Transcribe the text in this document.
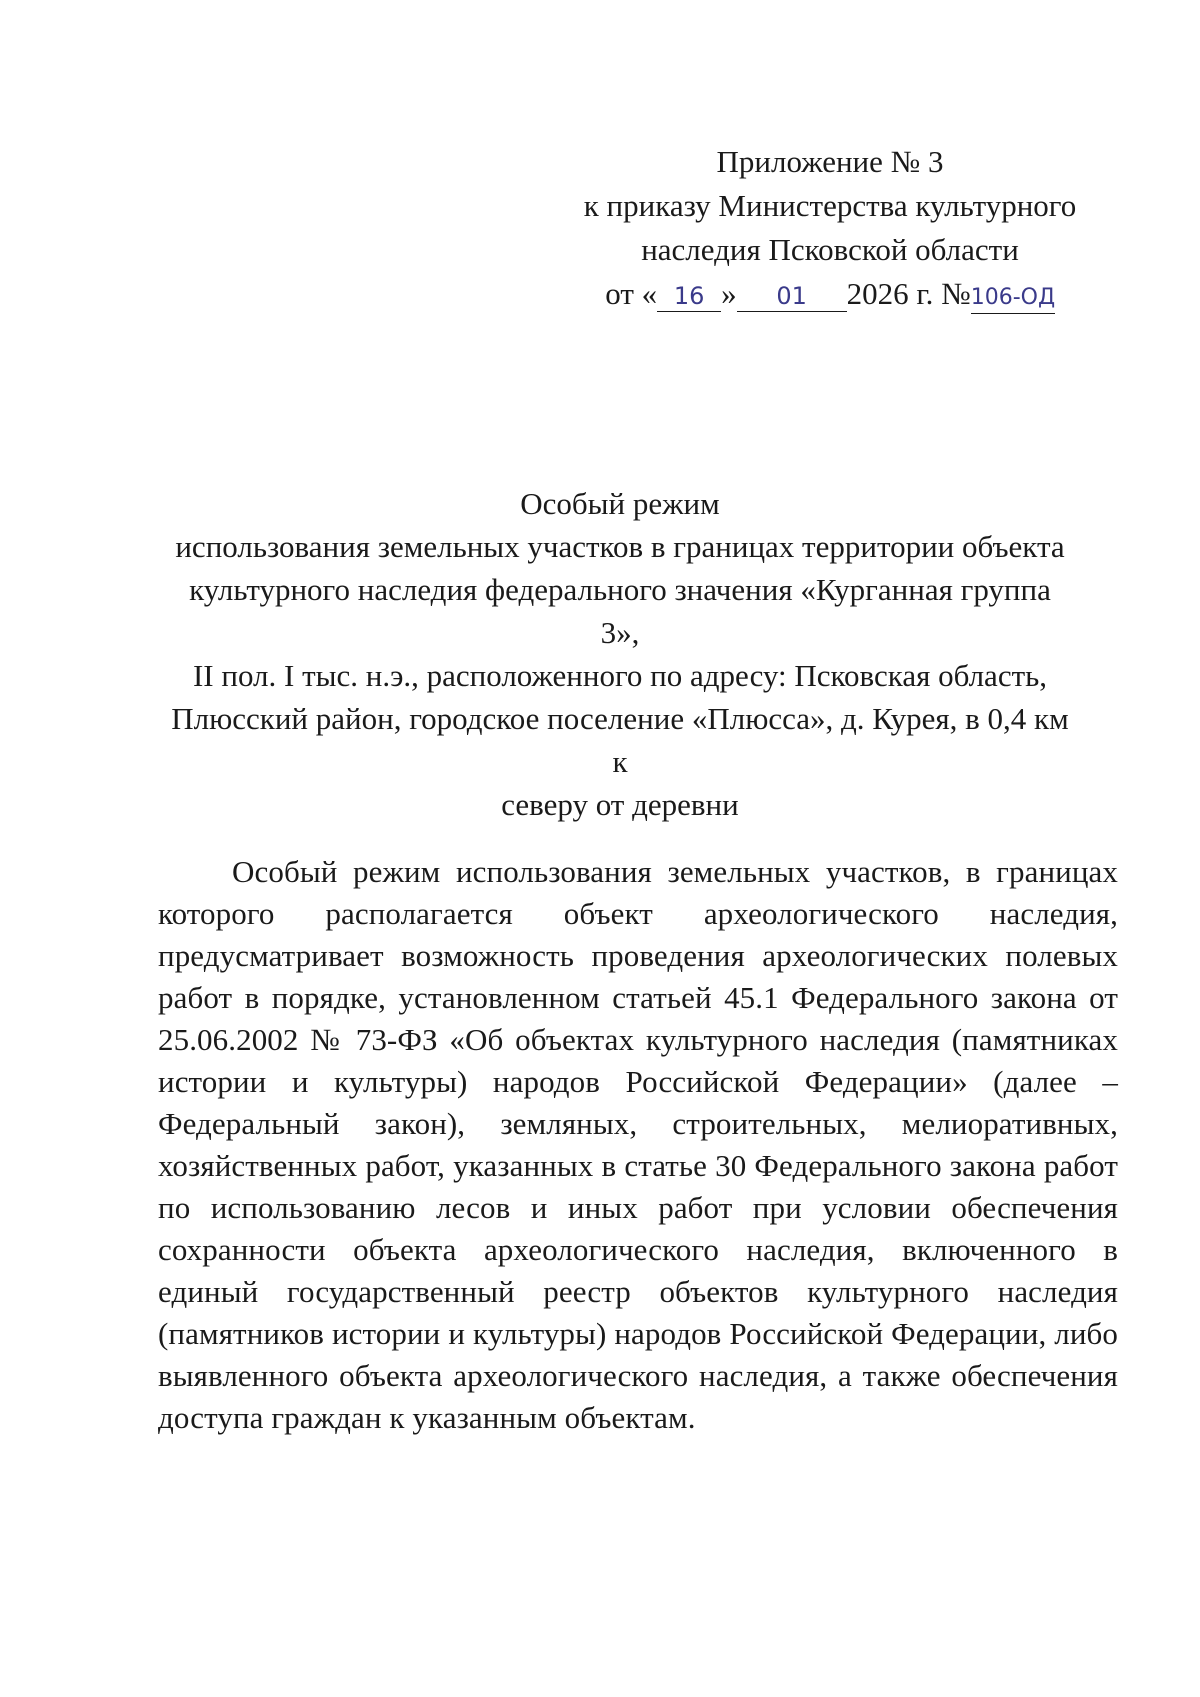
Приложение № 3
к приказу Министерства культурного
наследия Псковской области
от « 16 » 01 2026 г. №106-ОД
Особый режим
использования земельных участков в границах территории объекта
культурного наследия федерального значения «Курганная группа 3»,
II пол. I тыс. н.э., расположенного по адресу: Псковская область,
Плюсский район, городское поселение «Плюсса», д. Курея, в 0,4 км к
северу от деревни

Особый режим использования земельных участков, в границах которого располагается объект археологического наследия, предусматривает возможность проведения археологических полевых работ в порядке, установленном статьей 45.1 Федерального закона от 25.06.2002 № 73-ФЗ «Об объектах культурного наследия (памятниках истории и культуры) народов Российской Федерации» (далее – Федеральный закон), земляных, строительных, мелиоративных, хозяйственных работ, указанных в статье 30 Федерального закона работ по использованию лесов и иных работ при условии обеспечения сохранности объекта археологического наследия, включенного в единый государственный реестр объектов культурного наследия (памятников истории и культуры) народов Российской Федерации, либо выявленного объекта археологического наследия, а также обеспечения доступа граждан к указанным объектам.
